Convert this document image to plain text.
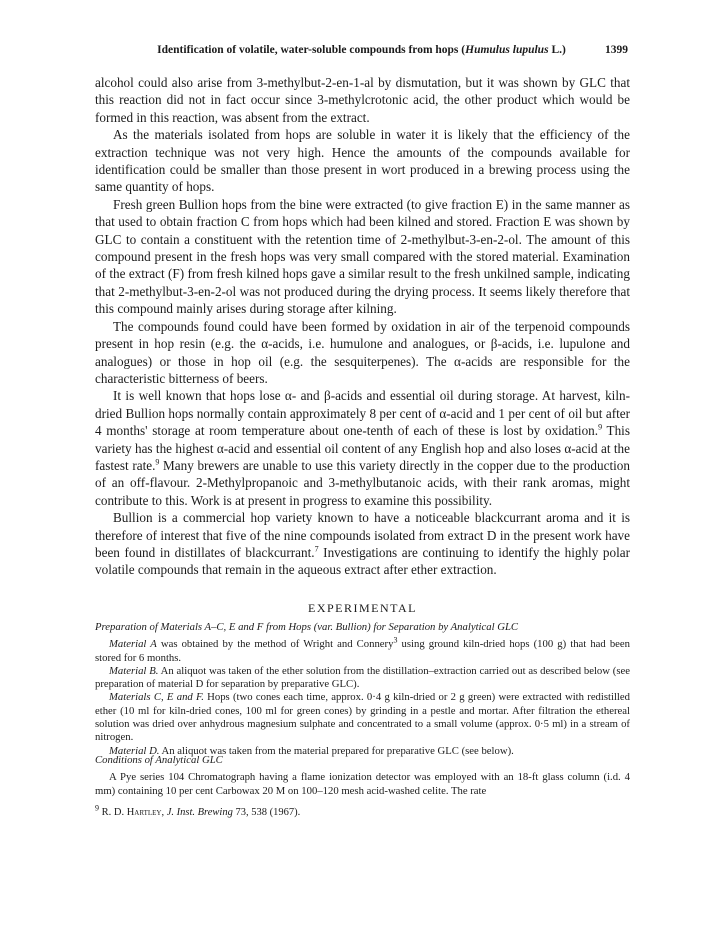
Identification of volatile, water-soluble compounds from hops (Humulus lupulus L.)	1399

alcohol could also arise from 3-methylbut-2-en-1-al by dismutation, but it was shown by GLC that this reaction did not in fact occur since 3-methylcrotonic acid, the other product which would be formed in this reaction, was absent from the extract.

As the materials isolated from hops are soluble in water it is likely that the efficiency of the extraction technique was not very high. Hence the amounts of the compounds available for identification could be smaller than those present in wort produced in a brewing process using the same quantity of hops.

Fresh green Bullion hops from the bine were extracted (to give fraction E) in the same manner as that used to obtain fraction C from hops which had been kilned and stored. Fraction E was shown by GLC to contain a constituent with the retention time of 2-methylbut-3-en-2-ol. The amount of this compound present in the fresh hops was very small compared with the stored material. Examination of the extract (F) from fresh kilned hops gave a similar result to the fresh unkilned sample, indicating that 2-methylbut-3-en-2-ol was not produced during the drying process. It seems likely therefore that this compound mainly arises during storage after kilning.

The compounds found could have been formed by oxidation in air of the terpenoid compounds present in hop resin (e.g. the α-acids, i.e. humulone and analogues, or β-acids, i.e. lupulone and analogues) or those in hop oil (e.g. the sesquiterpenes). The α-acids are responsible for the characteristic bitterness of beers.

It is well known that hops lose α- and β-acids and essential oil during storage. At harvest, kiln-dried Bullion hops normally contain approximately 8 per cent of α-acid and 1 per cent of oil but after 4 months' storage at room temperature about one-tenth of each of these is lost by oxidation.$^9$ This variety has the highest α-acid and essential oil content of any English hop and also loses α-acid at the fastest rate.$^9$ Many brewers are unable to use this variety directly in the copper due to the production of an off-flavour. 2-Methylpropanoic and 3-methylbutanoic acids, with their rank aromas, might contribute to this. Work is at present in progress to examine this possibility.

Bullion is a commercial hop variety known to have a noticeable blackcurrant aroma and it is therefore of interest that five of the nine compounds isolated from extract D in the present work have been found in distillates of blackcurrant.$^7$ Investigations are continuing to identify the highly polar volatile compounds that remain in the aqueous extract after ether extraction.

EXPERIMENTAL

Preparation of Materials A–C, E and F from Hops (var. Bullion) for Separation by Analytical GLC

Material A was obtained by the method of Wright and Connery$^3$ using ground kiln-dried hops (100 g) that had been stored for 6 months.

Material B. An aliquot was taken of the ether solution from the distillation–extraction carried out as described below (see preparation of material D for separation by preparative GLC).

Materials C, E and F. Hops (two cones each time, approx. 0·4 g kiln-dried or 2 g green) were extracted with redistilled ether (10 ml for kiln-dried cones, 100 ml for green cones) by grinding in a pestle and mortar. After filtration the ethereal solution was dried over anhydrous magnesium sulphate and concentrated to a small volume (approx. 0·5 ml) in a stream of nitrogen.

Material D. An aliquot was taken from the material prepared for preparative GLC (see below).

Conditions of Analytical GLC

A Pye series 104 Chromatograph having a flame ionization detector was employed with an 18-ft glass column (i.d. 4 mm) containing 10 per cent Carbowax 20 M on 100–120 mesh acid-washed celite. The rate

$^9$ R. D. Hartley, J. Inst. Brewing 73, 538 (1967).
